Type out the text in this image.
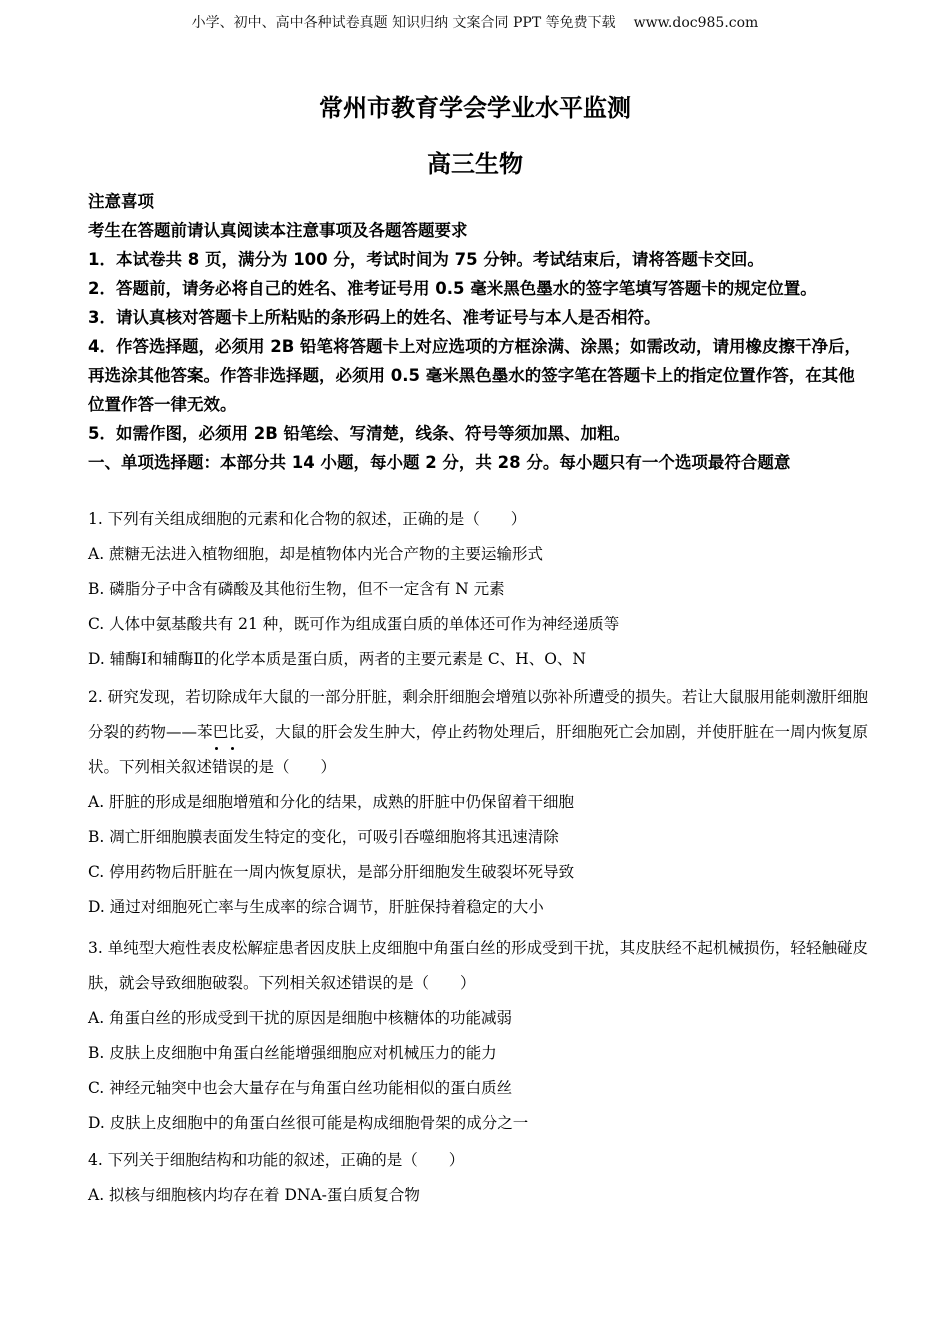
小学、初中、高中各种试卷真题 知识归纳 文案合同 PPT 等免费下载 www.doc985.com
常州市教育学会学业水平监测
高三生物

注意喜项

考生在答题前请认真阅读本注意事项及各题答题要求

1．本试卷共 8 页，满分为 100 分，考试时间为 75 分钟。考试结束后，请将答题卡交回。

2．答题前，请务必将自己的姓名、准考证号用 0.5 毫米黑色墨水的签字笔填写答题卡的规定位置。

3．请认真核对答题卡上所粘贴的条形码上的姓名、准考证号与本人是否相符。

4．作答选择题，必须用 2B 铅笔将答题卡上对应选项的方框涂满、涂黑；如需改动，请用橡皮擦干净后，再选涂其他答案。作答非选择题，必须用 0.5 毫米黑色墨水的签字笔在答题卡上的指定位置作答，在其他位置作答一律无效。

5．如需作图，必须用 2B 铅笔绘、写清楚，线条、符号等须加黑、加粗。

一、单项选择题：本部分共 14 小题，每小题 2 分，共 28 分。每小题只有一个选项最符合题意

1. 下列有关组成细胞的元素和化合物的叙述，正确的是（　　）

A. 蔗糖无法进入植物细胞，却是植物体内光合产物的主要运输形式

B. 磷脂分子中含有磷酸及其他衍生物，但不一定含有 N 元素

C. 人体中氨基酸共有 21 种，既可作为组成蛋白质的单体还可作为神经递质等

D. 辅酶Ⅰ和辅酶Ⅱ的化学本质是蛋白质，两者的主要元素是 C、H、O、N

2. 研究发现，若切除成年大鼠的一部分肝脏，剩余肝细胞会增殖以弥补所遭受的损失。若让大鼠服用能刺激肝细胞分裂的药物——苯巴比妥，大鼠的肝会发生肿大，停止药物处理后，肝细胞死亡会加剧，并使肝脏在一周内恢复原状。下列相关叙述错误的是（　　）

A. 肝脏的形成是细胞增殖和分化的结果，成熟的肝脏中仍保留着干细胞

B. 凋亡肝细胞膜表面发生特定的变化，可吸引吞噬细胞将其迅速清除

C. 停用药物后肝脏在一周内恢复原状，是部分肝细胞发生破裂坏死导致

D. 通过对细胞死亡率与生成率的综合调节，肝脏保持着稳定的大小

3. 单纯型大疱性表皮松解症患者因皮肤上皮细胞中角蛋白丝的形成受到干扰，其皮肤经不起机械损伤，轻轻触碰皮肤，就会导致细胞破裂。下列相关叙述错误的是（　　）

A. 角蛋白丝的形成受到干扰的原因是细胞中核糖体的功能减弱

B. 皮肤上皮细胞中角蛋白丝能增强细胞应对机械压力的能力

C. 神经元轴突中也会大量存在与角蛋白丝功能相似的蛋白质丝

D. 皮肤上皮细胞中的角蛋白丝很可能是构成细胞骨架的成分之一

4. 下列关于细胞结构和功能的叙述，正确的是（　　）

A. 拟核与细胞核内均存在着 DNA-蛋白质复合物
